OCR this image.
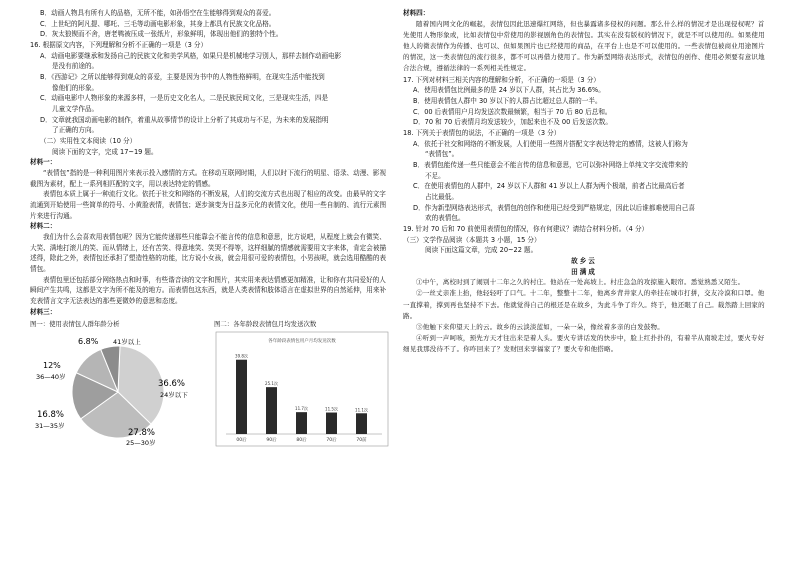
B．动画人物具有所有人的品格，无所不能，如孙悟空在生能够得到观众的喜爱。

C．上世纪的阿凡提、哪吒、三毛等动画电影形象，其身上都具有民族文化品格。

D．灰太狼锲而不舍，唐老鸭被压成一张纸片，形象鲜明，体现出他们的独特个性。

16. 根据原文内容，下列理解和分析不正确的一项是（3 分）

A．动画电影要继承和发扬自己的民族文化和美学风格，如果只是机械地学习别人，那样去制作动画电影

是没有前途的。

B．《西游记》之所以能够得到观众的喜爱，主要是因为书中的人物性格鲜明，在现实生活中能找到

像他们的形象。

C．动画电影中人物形象的来源多样，一是历史文化名人，二是民族民间文化，三是现实生活，四是

儿童文学作品。

D．文章就我国动画电影的制作，着重从故事情节的设计上分析了其成功与不足，为未来的发展指明

了正确的方向。

（二）实用性文本阅读（10 分）

阅读下面的文字，完成 17~19 题。

材料一：

“表情包”指的是一种利用图片来表示投入感情的方式。在移动互联网时期，人们以时下流行的明星、语录、动漫、影视截图为素材，配上一系列相匹配的文字，用以表达特定的情感。

表情包本质上属于一种流行文化。依托于社交和网络的不断发展，人们的交流方式也出现了相应的改变。由最早的文字流通到开始使用一些简单的符号、小黄脸表情，表情包；逐步演变为日益多元化的表情文化，使用一些自制的、流行元素图片来进行沟通。

材料二：

我们为什么会喜欢用表情包呢？因为它能传递那些只能靠会不能言传的信息和意思，比方说吧，从程度上就会有微笑、大笑、满地打滚儿的笑、而从情绪上，还有苦笑、得意地笑、笑哭不得等，这样细腻的情感就需要用文字来体，肯定会被描述得，除此之外，表情包还承担了塑造性格的功能，比方说小女孩，就会用很可爱的表情包，小男孩呢，就会选用酷酷的表情包。

表情包里还包括部分网络热点和时事，有些谐音读的文字和图片，其实用来表达情感更加精准，让和你有共同爱好的人瞬间产生共鸣，这都是文字为所不能及的地方。而表情包这东西，就是人类表情和肢体语言在虚拟世界的自然延伸，用来补充表情言文字无法表达的那些更微妙的意思和态度。

材料三：

图一：使用表情包人群年龄分析
6.8% 41岁以上
12%
36—40岁
36.6%
24岁以下
16.8%
31—35岁
27.8%
25—30岁
图二：各年龄段表情包月均发送次数
各年龄段表情包用户月均发送次数
39.8次
00后
25.1次
90后
11.7次
80后
11.5次
70后
11.1次
70前

材料四：

随着国内网文化的崛起，表情包因此迅速爆红网络，但也暴露诸多侵权的问题。那么什么样的情况才是出现侵权呢？首先使用人物形象或，比如表情包中常使用的影视剧角色的表情包。其实在没有版权的情况下，就是不可以使用的。如果使用他人的微表情作为传播、也可以、但如果图片也已经使用的商品，在平台上也是不可以使用的。一些表情包被商业用途图片的情况，这一类表情包的流行很多，都不可以再借力使用了。作为新型网络表达形式，表情包的创作、使用必须要有意识地合法合规，遵循法律的一系列相关性规定。

17. 下列对材料三相关内容的理解和分析，不正确的一项是（3 分）

A．使用表情包比例最多的是 24 岁以下人群，其占比为 36.6%。

B．使用表情包人群中 30 岁以下的人群占比超过总人群的一半。

C．00 后表情用户月均发送次数最频繁，相当于 70 后 80 后总和。

D．70 和 70 后表情月均发送较少，加起来也不及 00 后发送次数。

18. 下列关于表情包的说法，不正确的一项是（3 分）

A．依托于社交和网络的不断发展，人们使用一些图片搭配文字表达特定的感情，这被人们称为

“表情包”。

B．表情包能传递一些只能意会不能言传的信息和意思，它可以弥补网络上单纯文字交流带来的

不足。

C．在使用表情包的人群中，24 岁以下人群和 41 岁以上人群为两个极端，前者占比最高后者

占比最低。

D．作为新型网络表达形式，表情包的创作和使用已经受到严格规定，因此以后谁都难使用自己喜

欢的表情包。

19. 针对 70 后和 70 前使用表情包的情况，你有何建议？请结合材料分析。（4 分）

（三）文学作品阅读（本题共 3 小题，15 分）

阅读下面这篇文章，完成 20~22 题。

故乡云

田满成

①中午，离校时到了闹别十二年之久的村庄。他站在一处高坡上。村庄急急的攻掠施入眼帘。悉觉熟悉又陌生。

②一丝丈亲准上抬，他轻轻吁了口气。十二年，整整十二年，他离乡背井家人的牵挂在城市打拼，交友冷漠和口罩。他一直撑着，撑到再也坚持不下去。他就觉得自己的根还是在故乡，为此斗争了许久。终于，他还眼了自己。载然踏上回家的路。

③他触下来仰望天上的云。故乡的云淡淡蓝如，一朵一朵，像丝着多亲的白发鼓物。

④听到一声呵咳，预先方天才往出来是着人头。要火专讲话发的快步中，脸上红扑扑的，有着半从南坡走过，要火专好细见我那没待不了。你咋回来了？发财回来享福家了？要火专和他搭略。
